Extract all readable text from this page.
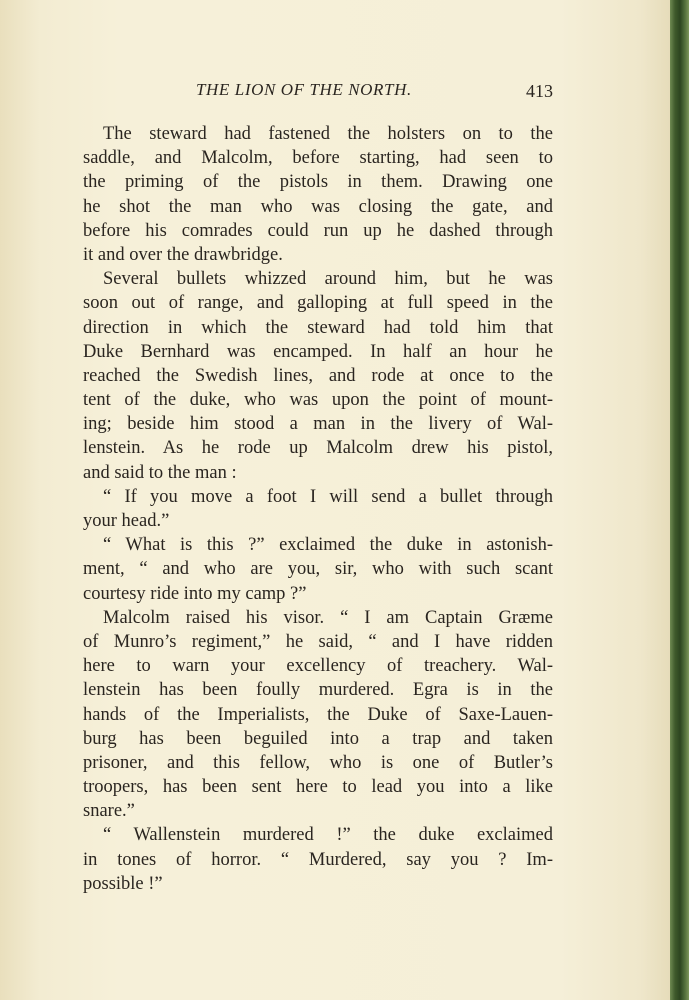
THE LION OF THE NORTH.	413
The steward had fastened the holsters on to the
saddle, and Malcolm, before starting, had seen to
the priming of the pistols in them. Drawing one
he shot the man who was closing the gate, and
before his comrades could run up he dashed through
it and over the drawbridge.
Several bullets whizzed around him, but he was
soon out of range, and galloping at full speed in the
direction in which the steward had told him that
Duke Bernhard was encamped. In half an hour he
reached the Swedish lines, and rode at once to the
tent of the duke, who was upon the point of mount-
ing; beside him stood a man in the livery of Wal-
lenstein. As he rode up Malcolm drew his pistol,
and said to the man :
“ If you move a foot I will send a bullet through
your head.”
“ What is this ?” exclaimed the duke in astonish-
ment, “ and who are you, sir, who with such scant
courtesy ride into my camp ?”
Malcolm raised his visor. “ I am Captain Græme
of Munro’s regiment,” he said, “ and I have ridden
here to warn your excellency of treachery. Wal-
lenstein has been foully murdered. Egra is in the
hands of the Imperialists, the Duke of Saxe-Lauen-
burg has been beguiled into a trap and taken
prisoner, and this fellow, who is one of Butler’s
troopers, has been sent here to lead you into a like
snare.”
“ Wallenstein murdered !” the duke exclaimed
in tones of horror. “ Murdered, say you ? Im-
possible !”
